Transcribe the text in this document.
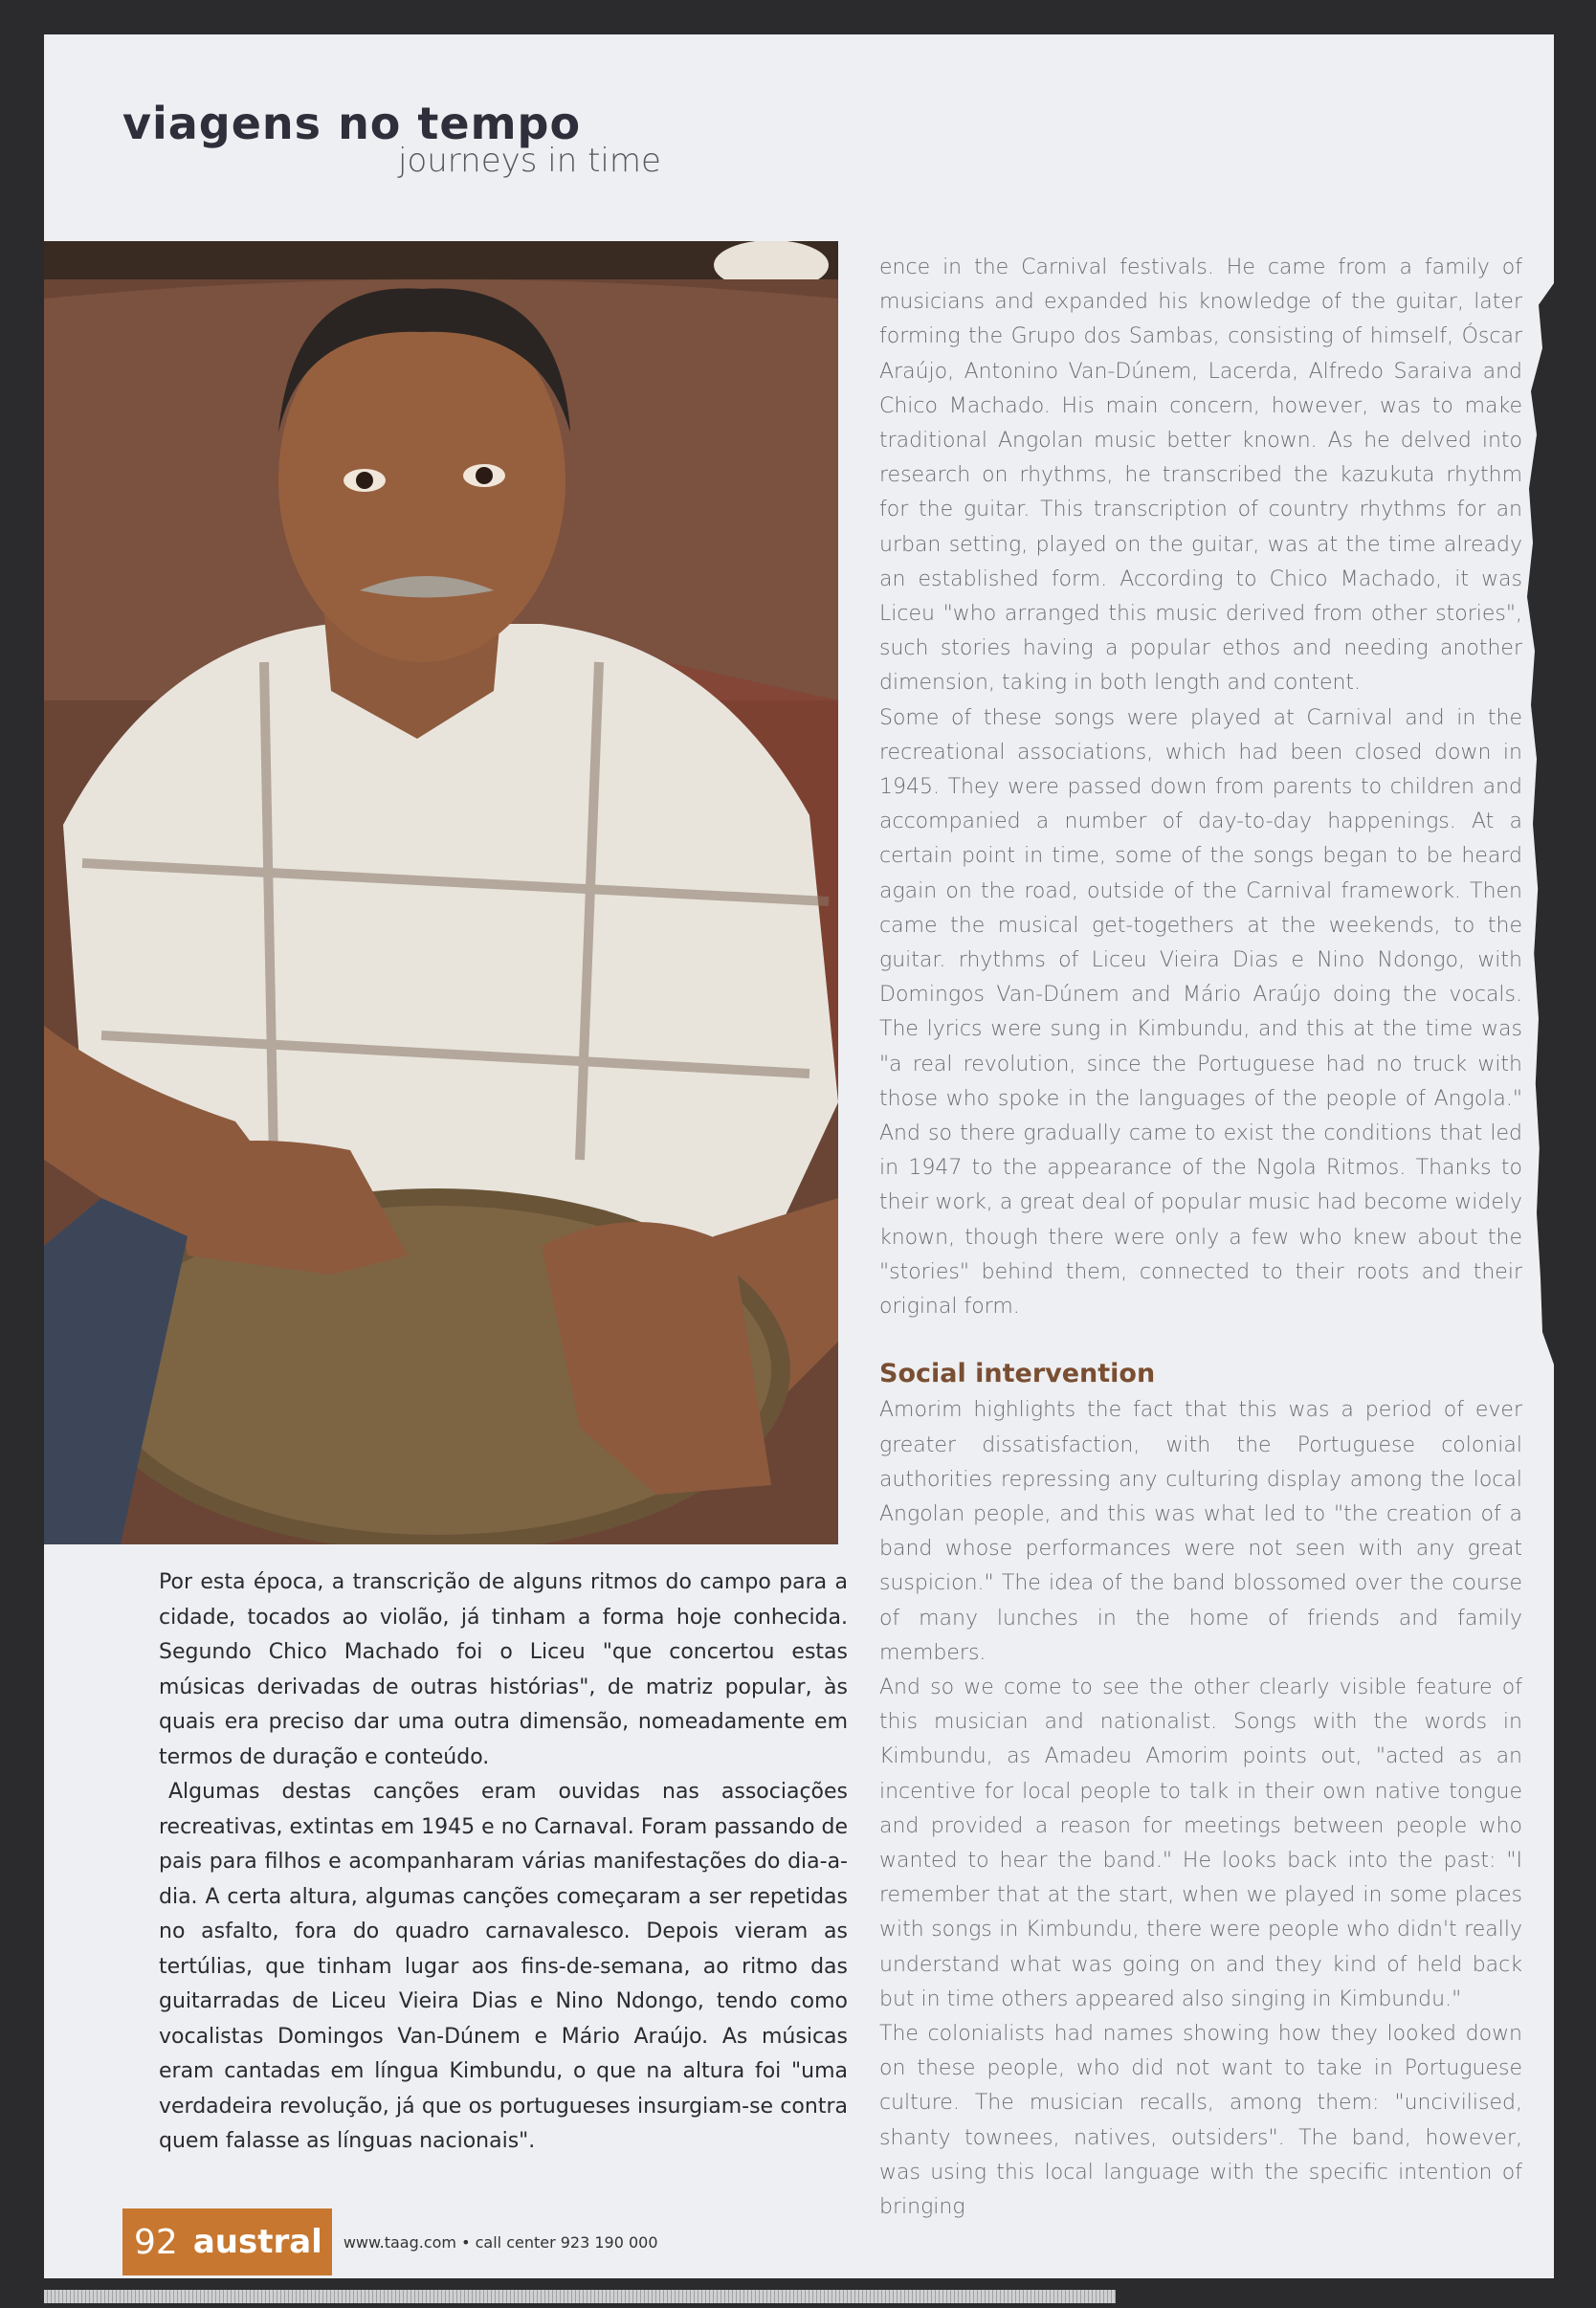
viagens no tempo
journeys in time

Por esta época, a transcrição de alguns ritmos do campo para a cidade, tocados ao violão, já tinham a forma hoje conhecida. Segundo Chico Machado foi o Liceu "que concertou estas músicas derivadas de outras histórias", de matriz popular, às quais era preciso dar uma outra dimensão, nomeadamente em termos de duração e conteúdo.

Algumas destas canções eram ouvidas nas associações recreativas, extintas em 1945 e no Carnaval. Foram passando de pais para filhos e acompanharam várias manifestações do dia-a-dia. A certa altura, algumas canções começaram a ser repetidas no asfalto, fora do quadro carnavalesco. Depois vieram as tertúlias, que tinham lugar aos fins-de-semana, ao ritmo das guitarradas de Liceu Vieira Dias e Nino Ndongo, tendo como vocalistas Domingos Van-Dúnem e Mário Araújo. As músicas eram cantadas em língua Kimbundu, o que na altura foi "uma verdadeira revolução, já que os portugueses insurgiam-se contra quem falasse as línguas nacionais".

ence in the Carnival festivals. He came from a family of musicians and expanded his knowledge of the guitar, later forming the Grupo dos Sambas, consisting of himself, Óscar Araújo, Antonino Van-Dúnem, Lacerda, Alfredo Saraiva and Chico Machado. His main concern, however, was to make traditional Angolan music better known. As he delved into research on rhythms, he transcribed the kazukuta rhythm for the guitar. This transcription of country rhythms for an urban setting, played on the guitar, was at the time already an established form. According to Chico Machado, it was Liceu "who arranged this music derived from other stories", such stories having a popular ethos and needing another dimension, taking in both length and content.

Some of these songs were played at Carnival and in the recreational associations, which had been closed down in 1945. They were passed down from parents to children and accompanied a number of day-to-day happenings. At a certain point in time, some of the songs began to be heard again on the road, outside of the Carnival framework. Then came the musical get-togethers at the weekends, to the guitar. rhythms of Liceu Vieira Dias e Nino Ndongo, with Domingos Van-Dúnem and Mário Araújo doing the vocals. The lyrics were sung in Kimbundu, and this at the time was "a real revolution, since the Portuguese had no truck with those who spoke in the languages of the people of Angola." And so there gradually came to exist the conditions that led in 1947 to the appearance of the Ngola Ritmos. Thanks to their work, a great deal of popular music had become widely known, though there were only a few who knew about the "stories" behind them, connected to their roots and their original form.

Social intervention

Amorim highlights the fact that this was a period of ever greater dissatisfaction, with the Portuguese colonial authorities repressing any culturing display among the local Angolan people, and this was what led to "the creation of a band whose performances were not seen with any great suspicion." The idea of the band blossomed over the course of many lunches in the home of friends and family members.

And so we come to see the other clearly visible feature of this musician and nationalist. Songs with the words in Kimbundu, as Amadeu Amorim points out, "acted as an incentive for local people to talk in their own native tongue and provided a reason for meetings between people who wanted to hear the band." He looks back into the past: "I remember that at the start, when we played in some places with songs in Kimbundu, there were people who didn't really understand what was going on and they kind of held back but in time others appeared also singing in Kimbundu."

The colonialists had names showing how they looked down on these people, who did not want to take in Portuguese culture. The musician recalls, among them: "uncivilised, shanty townees, natives, outsiders". The band, however, was using this local language with the specific intention of bringing

92 austral	www.taag.com • call center 923 190 000
